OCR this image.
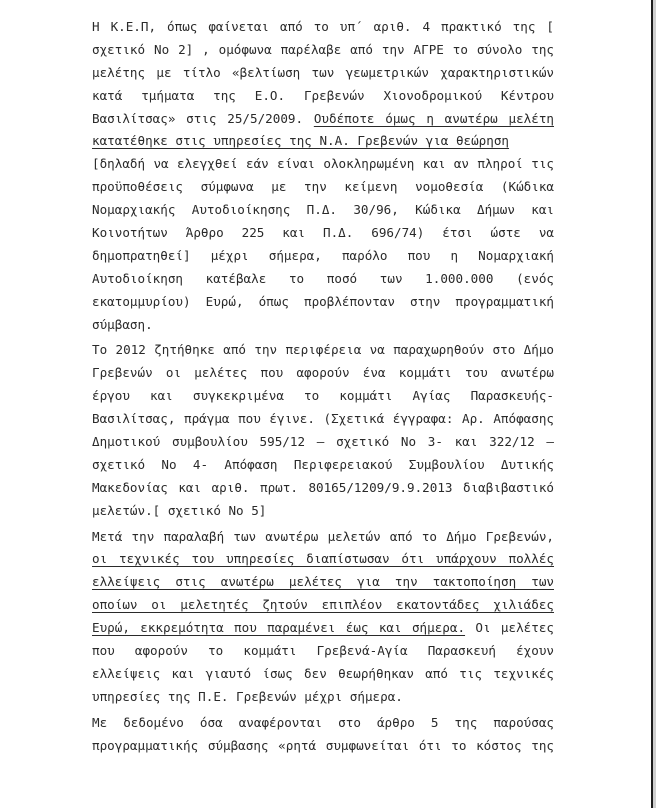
Η Κ.Ε.Π, όπως φαίνεται από το υπ΄ αριθ. 4 πρακτικό της [
σχετικό Νο 2] , ομόφωνα παρέλαβε από την ΑΓΡΕ το σύνολο της
μελέτης με τίτλο «βελτίωση των γεωμετρικών χαρακτηριστικών
κατά τμήματα της Ε.Ο. Γρεβενών Χιονοδρομικού Κέντρου
Βασιλίτσας» στις 25/5/2009. Ουδέποτε όμως η ανωτέρω μελέτη
κατατέθηκε στις υπηρεσίες της Ν.Α. Γρεβενών για θεώρηση
[δηλαδή να ελεγχθεί εάν είναι ολοκληρωμένη και αν πληροί τις
προϋποθέσεις σύμφωνα με την κείμενη νομοθεσία (Κώδικα
Νομαρχιακής Αυτοδιοίκησης Π.Δ. 30/96, Κώδικα Δήμων και
Κοινοτήτων Άρθρο 225 και Π.Δ. 696/74) έτσι ώστε να
δημοπρατηθεί] μέχρι σήμερα, παρόλο που η Νομαρχιακή
Αυτοδιοίκηση κατέβαλε το ποσό των 1.000.000 (ενός
εκατομμυρίου) Ευρώ, όπως προβλέπονταν στην προγραμματική
σύμβαση.
Το 2012 ζητήθηκε από την περιφέρεια να παραχωρηθούν στο Δήμο
Γρεβενών οι μελέτες που αφορούν ένα κομμάτι του ανωτέρω
έργου και συγκεκριμένα το κομμάτι Αγίας Παρασκευής-
Βασιλίτσας, πράγμα που έγινε. (Σχετικά έγγραφα: Αρ. Απόφασης
Δημοτικού συμβουλίου 595/12 – σχετικό Νο 3- και 322/12 –
σχετικό Νο 4- Απόφαση Περιφερειακού Συμβουλίου Δυτικής
Μακεδονίας και αριθ. πρωτ. 80165/1209/9.9.2013 διαβιβαστικό
μελετών.[ σχετικό Νο 5]
Μετά την παραλαβή των ανωτέρω μελετών από το Δήμο Γρεβενών,
οι τεχνικές του υπηρεσίες διαπίστωσαν ότι υπάρχουν πολλές
ελλείψεις στις ανωτέρω μελέτες για την τακτοποίηση των
οποίων οι μελετητές ζητούν επιπλέον εκατοντάδες χιλιάδες
Ευρώ, εκκρεμότητα που παραμένει έως και σήμερα. Οι μελέτες
που αφορούν το κομμάτι Γρεβενά-Αγία Παρασκευή έχουν
ελλείψεις και γιαυτό ίσως δεν θεωρήθηκαν από τις τεχνικές
υπηρεσίες της Π.Ε. Γρεβενών μέχρι σήμερα.
Με δεδομένο όσα αναφέρονται στο άρθρο 5 της παρούσας
προγραμματικής σύμβασης «ρητά συμφωνείται ότι το κόστος της
